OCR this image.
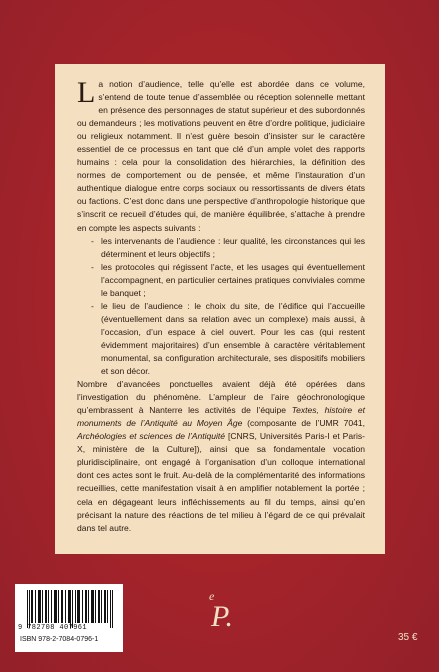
La notion d’audience, telle qu’elle est abordée dans ce volume, s’entend de toute tenue d’assemblée ou réception solennelle mettant en présence des personnages de statut supérieur et des subordonnés ou demandeurs ; les motivations peuvent en être d’ordre politique, judiciaire ou religieux notamment. Il n’est guère besoin d’insister sur le caractère essentiel de ce processus en tant que clé d’un ample volet des rapports humains : cela pour la consolidation des hiérarchies, la définition des normes de comportement ou de pensée, et même l’instauration d’un authentique dialogue entre corps sociaux ou ressortissants de divers états ou factions. C’est donc dans une perspective d’anthropologie historique que s’inscrit ce recueil d’études qui, de manière équilibrée, s’attache à prendre en compte les aspects suivants :

- les intervenants de l’audience : leur qualité, les circonstances qui les déterminent et leurs objectifs ;
- les protocoles qui régissent l’acte, et les usages qui éventuellement l’accompagnent, en particulier certaines pratiques conviviales comme le banquet ;
- le lieu de l’audience : le choix du site, de l’édifice qui l’accueille (éventuellement dans sa relation avec un complexe) mais aussi, à l’occasion, d’un espace à ciel ouvert. Pour les cas (qui restent évidemment majoritaires) d’un ensemble à caractère véritablement monumental, sa configuration architecturale, ses dispositifs mobiliers et son décor.

Nombre d’avancées ponctuelles avaient déjà été opérées dans l’investigation du phénomène. L’ampleur de l’aire géochronologique qu’embrassent à Nanterre les activités de l’équipe Textes, histoire et monuments de l’Antiquité au Moyen Âge (composante de l’UMR 7041, Archéologies et sciences de l’Antiquité [CNRS, Universités Paris-I et Paris-X, ministère de la Culture]), ainsi que sa fondamentale vocation pluridisciplinaire, ont engagé à l’organisation d’un colloque international dont ces actes sont le fruit. Au-delà de la complémentarité des informations recueillies, cette manifestation visait à en amplifier notablement la portée ; cela en dégageant leurs infléchissements au fil du temps, ainsi qu’en précisant la nature des réactions de tel milieu à l’égard de ce qui prévalait dans tel autre.

9 782708 407961
ISBN 978-2-7084-0796-1
e
P.
35 €
